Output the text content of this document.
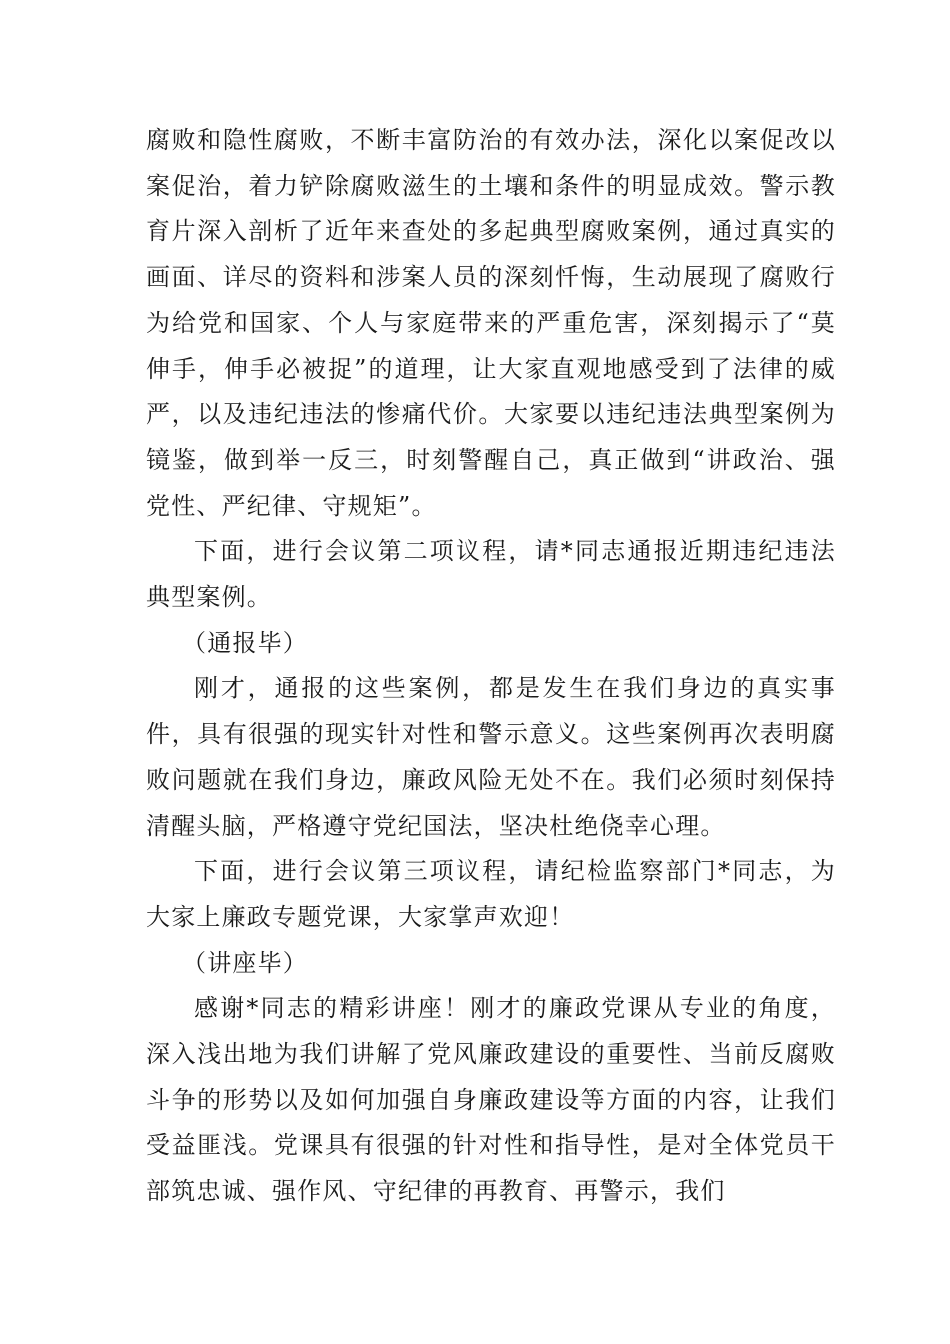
腐败和隐性腐败，不断丰富防治的有效办法，深化以案促改以案促治，着力铲除腐败滋生的土壤和条件的明显成效。警示教育片深入剖析了近年来查处的多起典型腐败案例，通过真实的画面、详尽的资料和涉案人员的深刻忏悔，生动展现了腐败行为给党和国家、个人与家庭带来的严重危害，深刻揭示了“莫伸手，伸手必被捉”的道理，让大家直观地感受到了法律的威严，以及违纪违法的惨痛代价。大家要以违纪违法典型案例为镜鉴，做到举一反三，时刻警醒自己，真正做到“讲政治、强党性、严纪律、守规矩”。

下面，进行会议第二项议程，请*同志通报近期违纪违法典型案例。

（通报毕）

刚才，通报的这些案例，都是发生在我们身边的真实事件，具有很强的现实针对性和警示意义。这些案例再次表明腐败问题就在我们身边，廉政风险无处不在。我们必须时刻保持清醒头脑，严格遵守党纪国法，坚决杜绝侥幸心理。

下面，进行会议第三项议程，请纪检监察部门*同志，为大家上廉政专题党课，大家掌声欢迎！

（讲座毕）

感谢*同志的精彩讲座！刚才的廉政党课从专业的角度，深入浅出地为我们讲解了党风廉政建设的重要性、当前反腐败斗争的形势以及如何加强自身廉政建设等方面的内容，让我们受益匪浅。党课具有很强的针对性和指导性，是对全体党员干部筑忠诚、强作风、守纪律的再教育、再警示，我们
